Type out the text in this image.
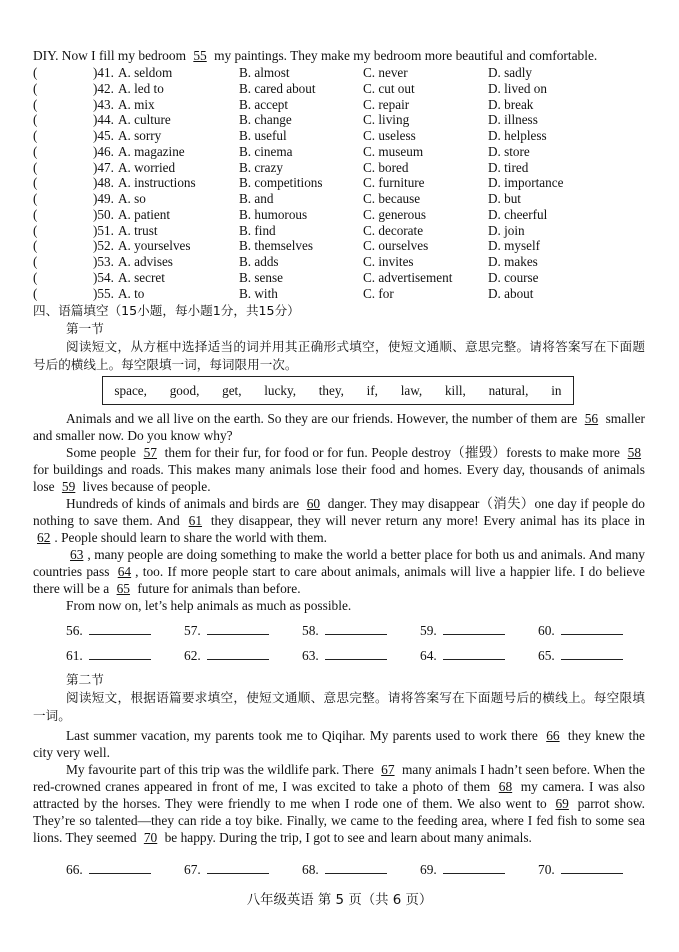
DIY. Now I fill my bedroom 55 my paintings. They make my bedroom more beautiful and comfortable.
(	)41. A. seldom	B. almost	C. never	D. sadly
(	)42. A. led to	B. cared about	C. cut out	D. lived on
(	)43. A. mix	B. accept	C. repair	D. break
(	)44. A. culture	B. change	C. living	D. illness
(	)45. A. sorry	B. useful	C. useless	D. helpless
(	)46. A. magazine	B. cinema	C. museum	D. store
(	)47. A. worried	B. crazy	C. bored	D. tired
(	)48. A. instructions	B. competitions	C. furniture	D. importance
(	)49. A. so	B. and	C. because	D. but
(	)50. A. patient	B. humorous	C. generous	D. cheerful
(	)51. A. trust	B. find	C. decorate	D. join
(	)52. A. yourselves	B. themselves	C. ourselves	D. myself
(	)53. A. advises	B. adds	C. invites	D. makes
(	)54. A. secret	B. sense	C. advertisement	D. course
(	)55. A. to	B. with	C. for	D. about
四、语篇填空（15小题，每小题1分，共15分）
第一节
阅读短文，从方框中选择适当的词并用其正确形式填空，使短文通顺、意思完整。请将答案写在下面题号后的横线上。每空限填一词，每词限用一次。
space, good, get, lucky, they, if, law, kill, natural, in
Animals and we all live on the earth. So they are our friends. However, the number of them are 56 smaller and smaller now. Do you know why?
Some people 57 them for their fur, for food or for fun. People destroy（摧毁）forests to make more 58 for buildings and roads. This makes many animals lose their food and homes. Every day, thousands of animals lose 59 lives because of people.
Hundreds of kinds of animals and birds are 60 danger. They may disappear（消失）one day if people do nothing to save them. And 61 they disappear, they will never return any more! Every animal has its place in 62 . People should learn to share the world with them.
63 , many people are doing something to make the world a better place for both us and animals. And many countries pass 64 , too. If more people start to care about animals, animals will live a happier life. I do believe there will be a 65 future for animals than before.
From now on, let’s help animals as much as possible.
56.	57.	58.	59.	60.
61.	62.	63.	64.	65.
第二节
阅读短文，根据语篇要求填空，使短文通顺、意思完整。请将答案写在下面题号后的横线上。每空限填一词。
Last summer vacation, my parents took me to Qiqihar. My parents used to work there 66 they knew the city very well.
My favourite part of this trip was the wildlife park. There 67 many animals I hadn’t seen before. When the red-crowned cranes appeared in front of me, I was excited to take a photo of them 68 my camera. I was also attracted by the horses. They were friendly to me when I rode one of them. We also went to 69 parrot show. They’re so talented—they can ride a toy bike. Finally, we came to the feeding area, where I fed fish to some sea lions. They seemed 70 be happy. During the trip, I got to see and learn about many animals.
66.	67.	68.	69.	70.
八年级英语 第 5 页（共 6 页）
